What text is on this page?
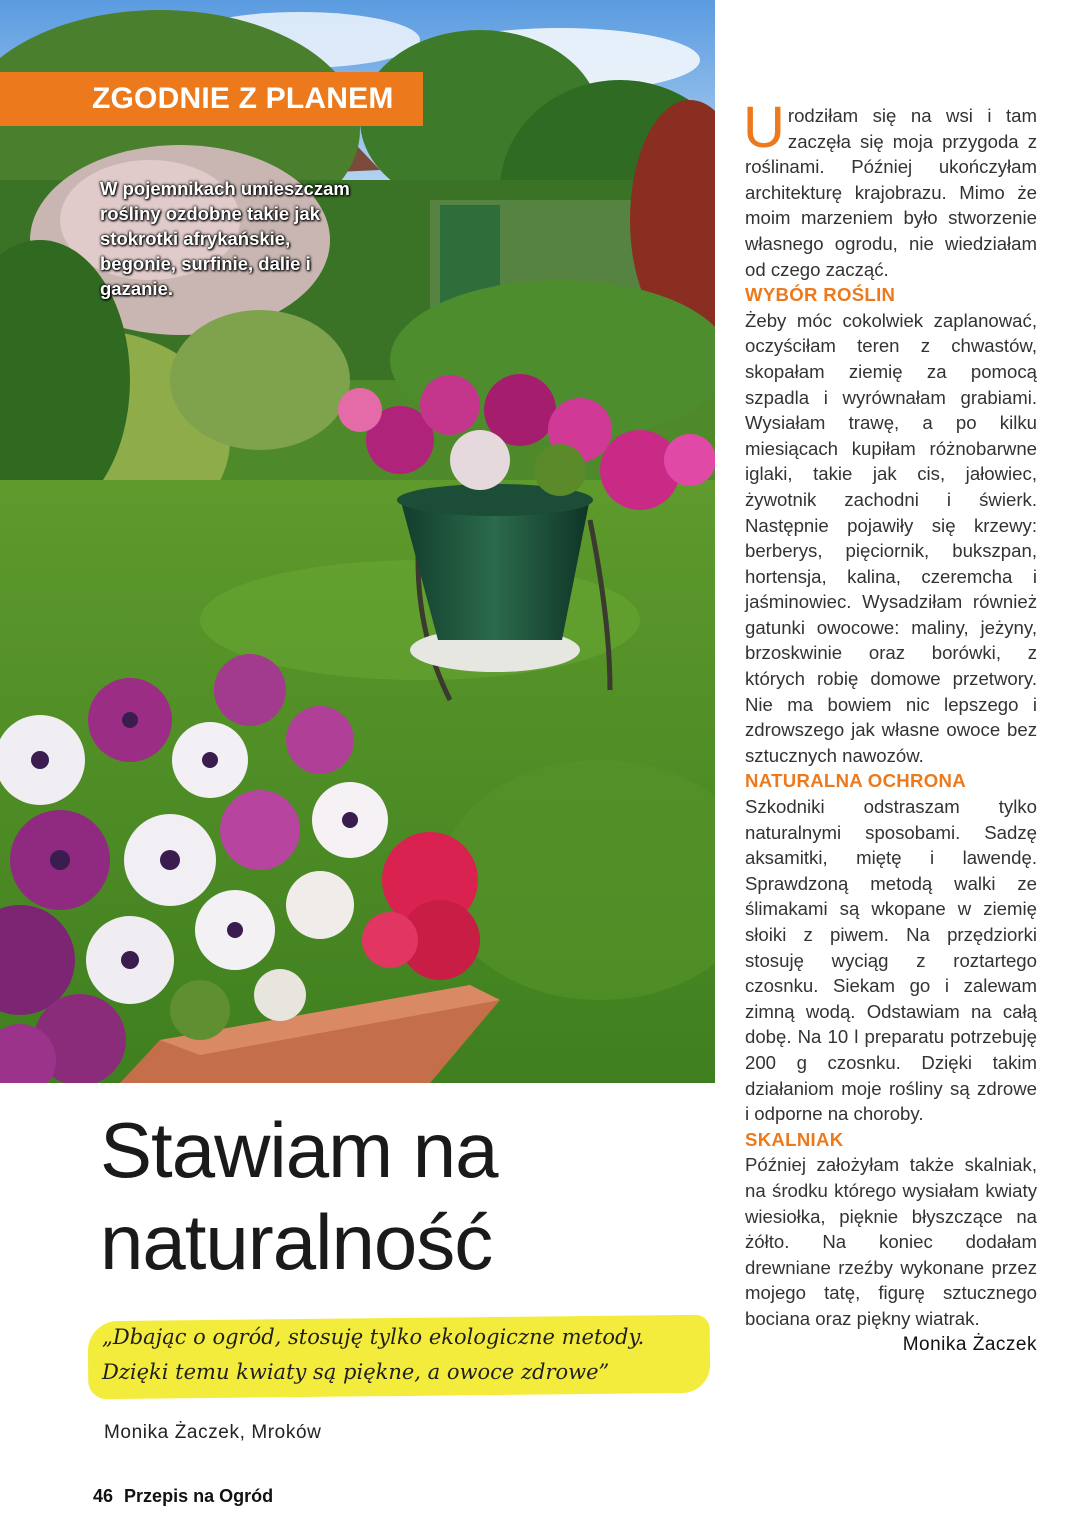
ZGODNIE Z PLANEM
W pojemnikach umieszczam rośliny ozdobne takie jak stokrotki afrykańskie, begonie, surfinie, dalie i gazanie.
Stawiam na
naturalność
„Dbając o ogród, stosuję tylko ekologiczne metody.
Dzięki temu kwiaty są piękne, a owoce zdrowe”
Monika Żaczek, Mroków
46 Przepis na Ogród

Urodziłam się na wsi i tam zaczęła się moja przygoda z roślinami. Później ukończyłam architekturę krajobrazu. Mimo że moim marzeniem było stworzenie własnego ogrodu, nie wiedziałam od czego zacząć.

WYBÓR ROŚLIN

Żeby móc cokolwiek zaplanować, oczyściłam teren z chwastów, skopałam ziemię za pomocą szpadla i wyrównałam grabiami. Wysiałam trawę, a po kilku miesiącach kupiłam różnobarwne iglaki, takie jak cis, jałowiec, żywotnik zachodni i świerk. Następnie pojawiły się krzewy: berberys, pięciornik, bukszpan, hortensja, kalina, czeremcha i jaśminowiec. Wysadziłam również gatunki owocowe: maliny, jeżyny, brzoskwinie oraz borówki, z których robię domowe przetwory. Nie ma bowiem nic lepszego i zdrowszego jak własne owoce bez sztucznych nawozów.

NATURALNA OCHRONA

Szkodniki odstraszam tylko naturalnymi sposobami. Sadzę aksamitki, miętę i lawendę. Sprawdzoną metodą walki ze ślimakami są wkopane w ziemię słoiki z piwem. Na przędziorki stosuję wyciąg z roztartego czosnku. Siekam go i zalewam zimną wodą. Odstawiam na całą dobę. Na 10 l preparatu potrzebuję 200 g czosnku. Dzięki takim działaniom moje rośliny są zdrowe i odporne na choroby.

SKALNIAK

Później założyłam także skalniak, na środku którego wysiałam kwiaty wiesiołka, pięknie błyszczące na żółto. Na koniec dodałam drewniane rzeźby wykonane przez mojego tatę, figurę sztucznego bociana oraz piękny wiatrak.

Monika Żaczek
